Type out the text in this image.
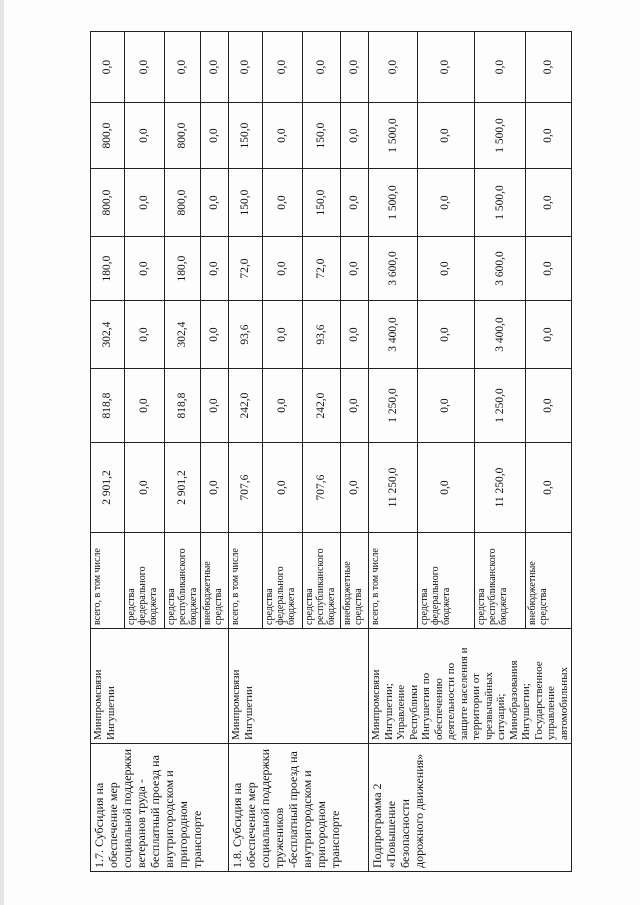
1.7. Субсидия на обеспечение мер социальной поддержки ветеранов труда - бесплатный проезд на внутригородском и пригородном транспорте	Минпромсвязи Ингушетии	всего, в том числе	2 901,2	818,8	302,4	180,0	800,0	800,0	0,0
		средства федерального бюджета	0,0	0,0	0,0	0,0	0,0	0,0	0,0
		средства республиканского бюджета	2 901,2	818,8	302,4	180,0	800,0	800,0	0,0
		внебюджетные средства	0,0	0,0	0,0	0,0	0,0	0,0	0,0
1.8. Субсидия на обеспечение мер социальной поддержки тружеников -бесплатный проезд на внутригородском и пригородном транспорте	Минпромсвязи Ингушетии	всего, в том числе	707,6	242,0	93,6	72,0	150,0	150,0	0,0
		средства федерального бюджета	0,0	0,0	0,0	0,0	0,0	0,0	0,0
		средства республиканского бюджета	707,6	242,0	93,6	72,0	150,0	150,0	0,0
		внебюджетные средства	0,0	0,0	0,0	0,0	0,0	0,0	0,0
Подпрограмма 2 «Повышение безопасности дорожного движения»	Минпромсвязи Ингушетии; Управление Республики Ингушетия по обеспечению деятельности по защите населения и территории от чрезвычайных ситуаций; Минобразования Ингушетии; Государственное управление автомобильных	всего, в том числе	11 250,0	1 250,0	3 400,0	3 600,0	1 500,0	1 500,0	0,0
		средства федерального бюджета	0,0	0,0	0,0	0,0	0,0	0,0	0,0
		средства республиканского бюджета	11 250,0	1 250,0	3 400,0	3 600,0	1 500,0	1 500,0	0,0
		внебюджетные средства	0,0	0,0	0,0	0,0	0,0	0,0	0,0
